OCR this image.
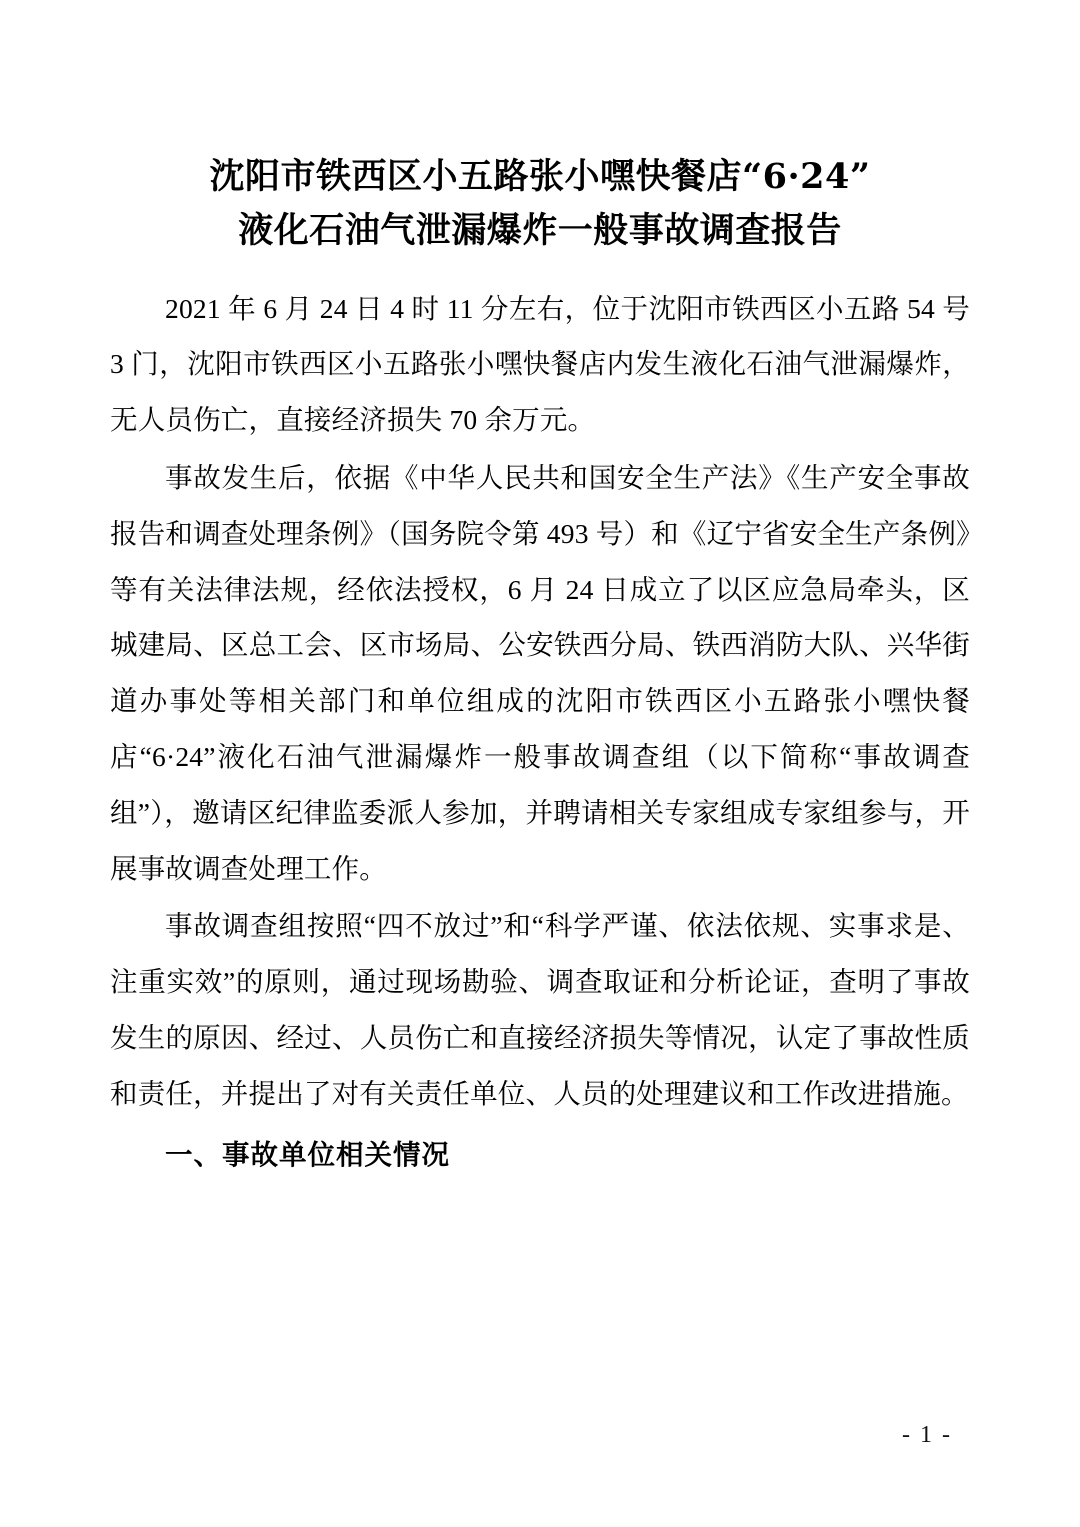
沈阳市铁西区小五路张小嘿快餐店“6·24”
液化石油气泄漏爆炸一般事故调查报告

2021 年 6 月 24 日 4 时 11 分左右，位于沈阳市铁西区小五路 54 号 3 门，沈阳市铁西区小五路张小嘿快餐店内发生液化石油气泄漏爆炸，无人员伤亡，直接经济损失 70 余万元。

事故发生后，依据《中华人民共和国安全生产法》《生产安全事故报告和调查处理条例》（国务院令第 493 号）和《辽宁省安全生产条例》等有关法律法规，经依法授权，6 月 24 日成立了以区应急局牵头，区城建局、区总工会、区市场局、公安铁西分局、铁西消防大队、兴华街道办事处等相关部门和单位组成的沈阳市铁西区小五路张小嘿快餐店“6·24”液化石油气泄漏爆炸一般事故调查组（以下简称“事故调查组”），邀请区纪律监委派人参加，并聘请相关专家组成专家组参与，开展事故调查处理工作。

事故调查组按照“四不放过”和“科学严谨、依法依规、实事求是、注重实效”的原则，通过现场勘验、调查取证和分析论证，查明了事故发生的原因、经过、人员伤亡和直接经济损失等情况，认定了事故性质和责任，并提出了对有关责任单位、人员的处理建议和工作改进措施。

一、事故单位相关情况

- 1 -
